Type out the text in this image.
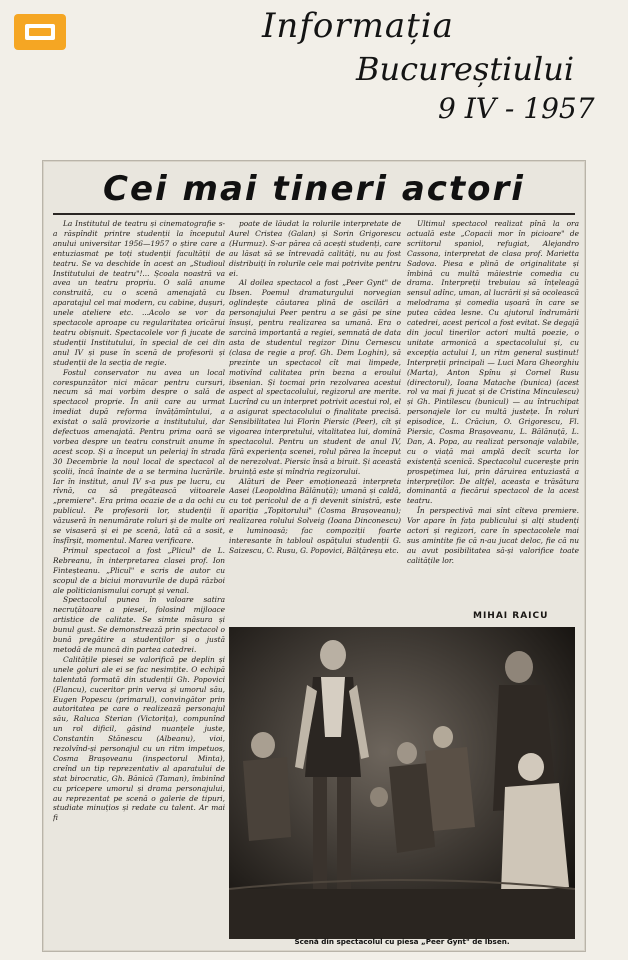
Informația
Bucureștiului
9 IV - 1957
Cei mai tineri actori

La Institutul de teatru și cinematografie s-a răspîndit printre studenții la începutul anului universitar 1956—1957 o știre care a entuziasmat pe toți studenții facultății de teatru. Se va deschide în acest an „Studioul Institutului de teatru"!... Școala noastră va avea un teatru propriu. O sală anume construită, cu o scenă amenajată cu aparatajul cel mai modern, cu cabine, dușuri, unele ateliere etc. ...Acolo se vor da spectacole aproape cu regularitatea oricărui teatru obișnuit. Spectacolele vor fi jucate de studenții Institutului, în special de cei din anul IV și puse în scenă de profesorii și studenții de la secția de regie.

Fostul conservator nu avea un local corespunzător nici măcar pentru cursuri, necum să mai vorbim despre o sală de spectacol proprie. În anii care au urmat imediat după reforma învățămîntului, a existat o sală provizorie a institutului, dar defectuos amenajată. Pentru prima oară se vorbea despre un teatru construit anume în acest scop. Și a început un peleriaj în strada 30 Decembrie la noul local de spectacol al școlii, încă înainte de a se termina lucrările. Iar în institut, anul IV s-a pus pe lucru, cu rîvnă, ca să pregătească viitoarele „premiere". Era prima ocazie de a da ochi cu publicul. Pe profesorii lor, studenții îi văzuseră în nenumărate roluri și de multe ori se visaseră și ei pe scenă, lată că a sosit, însfîrșit, momentul. Marea verificare.

Primul spectacol a fost „Plicul" de L. Rebreanu, în interpretarea clasei prof. Ion Finteșteanu. „Plicul" e scris de autor cu scopul de a biciui moravurile de după război ale politicianismului corupt și venal.

Spectacolul punea în valoare satira necruțătoare a piesei, folosind mijloace artistice de calitate. Se simte măsura și bunul gust. Se demonstrează prin spectacol o bună pregătire a studenților și o justă metodă de muncă din partea catedrei.

Calitățile piesei se valorifică pe deplin și unele goluri ale ei se fac nesimțite. O echipă talentată formată din studenții Gh. Popovici (Flancu), cuceritor prin verva și umorul său, Eugen Popescu (primarul), convingător prin autoritatea pe care o realizează personajul său, Raluca Sterian (Victorița), compunînd un rol dificil, găsind nuanțele juste, Constantin Stănescu (Albeanu), vioi, rezolvînd-și personajul cu un ritm impetuos, Cosma Brașoveanu (inspectorul Minta), creînd un tip reprezentativ al aparatului de stat birocratic, Gh. Bănică (Taman), îmbinînd cu pricepere umorul și drama personajului, au reprezentat pe scenă o galerie de tipuri, studiate minuțios și redate cu talent. Ar mai fi

poate de lăudat la rolurile interpretate de Aurel Cristea (Galan) și Sorin Grigorescu (Hurmuz). S-ar părea că acești studenți, care au lăsat să se întrevadă calități, nu au fost distribuiți în rolurile cele mai potrivite pentru ei.

Al doilea spectacol a fost „Peer Gynt" de Ibsen. Poemul dramaturgului norvegian oglindește căutarea plină de oscilări a personajului Peer pentru a se găsi pe sine însuși, pentru realizarea sa umană. Era o sarcină importantă a regiei, semnată de data asta de studentul regizor Dinu Cernescu (clasa de regie a prof. Gh. Dem Loghin), să prezinte un spectacol cît mai limpede, motivînd calitatea prin bezna a eroului ibsenian. Și tocmai prin rezolvarea acestui aspect al spectacolului, regizorul are merite. Lucrînd cu un interpret potrivit acestui rol, el a asigurat spectacolului o finalitate precisă. Sensibilitatea lui Florin Piersic (Peer), cît și vigoarea interpretului, vitalitatea lui, domină spectacolul. Pentru un student de anul IV, fără experiența scenei, rolul părea la început de nerezolvat. Piersic însă a biruit. Și această bruință este și mîndria regizorului.

Alături de Peer emoționează interpreta Aasei (Leopoldina Bălănuță); umană și caldă, cu tot pericolul de a fi devenit sinistră, este apariția „Topitorului" (Cosma Brașoveanu); realizarea rolului Solveig (Ioana Dinconescu) e luminoasă; fac compoziții foarte interesante în tabloul ospățului studenții G. Saizescu, C. Rusu, G. Popovici, Bălțăreșu etc.

Ultimul spectacol realizat pînă la ora actuală este „Copacii mor în picioare" de scriitorul spaniol, refugiat, Alejandro Cassona, interpretat de clasa prof. Marietta Sadova. Piesa e plină de originalitate și îmbină cu multă măiestrie comedia cu drama. Interpreții trebuiau să înțeleagă sensul adînc, uman, al lucrării și să ocolească melodrama și comedia ușoară în care se putea cădea lesne. Cu ajutorul îndrumării catedrei, acest pericol a fost evitat. Se degajă din jocul tinerilor actori multă poezie, o unitate armonică a spectacolului și, cu excepția actului I, un ritm general susținut! Interpreții principali — Luci Mara Gheorghiu (Marta), Anton Spînu și Cornel Rusu (directorul), Ioana Matache (bunica) (acest rol va mai fi jucat și de Cristina Minculescu) și Gh. Pintilescu (bunicul) — au întruchipat personajele lor cu multă justețe. În roluri episodice, L. Crăciun, O. Grigorescu, Fl. Piersic, Cosma Brașoveanu, L. Bălănuță, L. Dan, A. Popa, au realizat personaje valabile, cu o viață mai amplă decît scurta lor existență scenică. Spectacolul cucerește prin prospețimea lui, prin dăruirea entuziastă a interpreților. De altfel, aceasta e trăsătura dominantă a fiecărui spectacol de la acest teatru.

În perspectivă mai sînt cîteva premiere. Vor apare în fața publicului și alți studenți actori și regizori, care în spectacolele mai sus amintite fie că n-au jucat deloc, fie că nu au avut posibilitatea să-și valorifice toate calitățile lor.

MIHAI RAICU
Scenă din spectacolul cu piesa „Peer Gynt" de Ibsen.
